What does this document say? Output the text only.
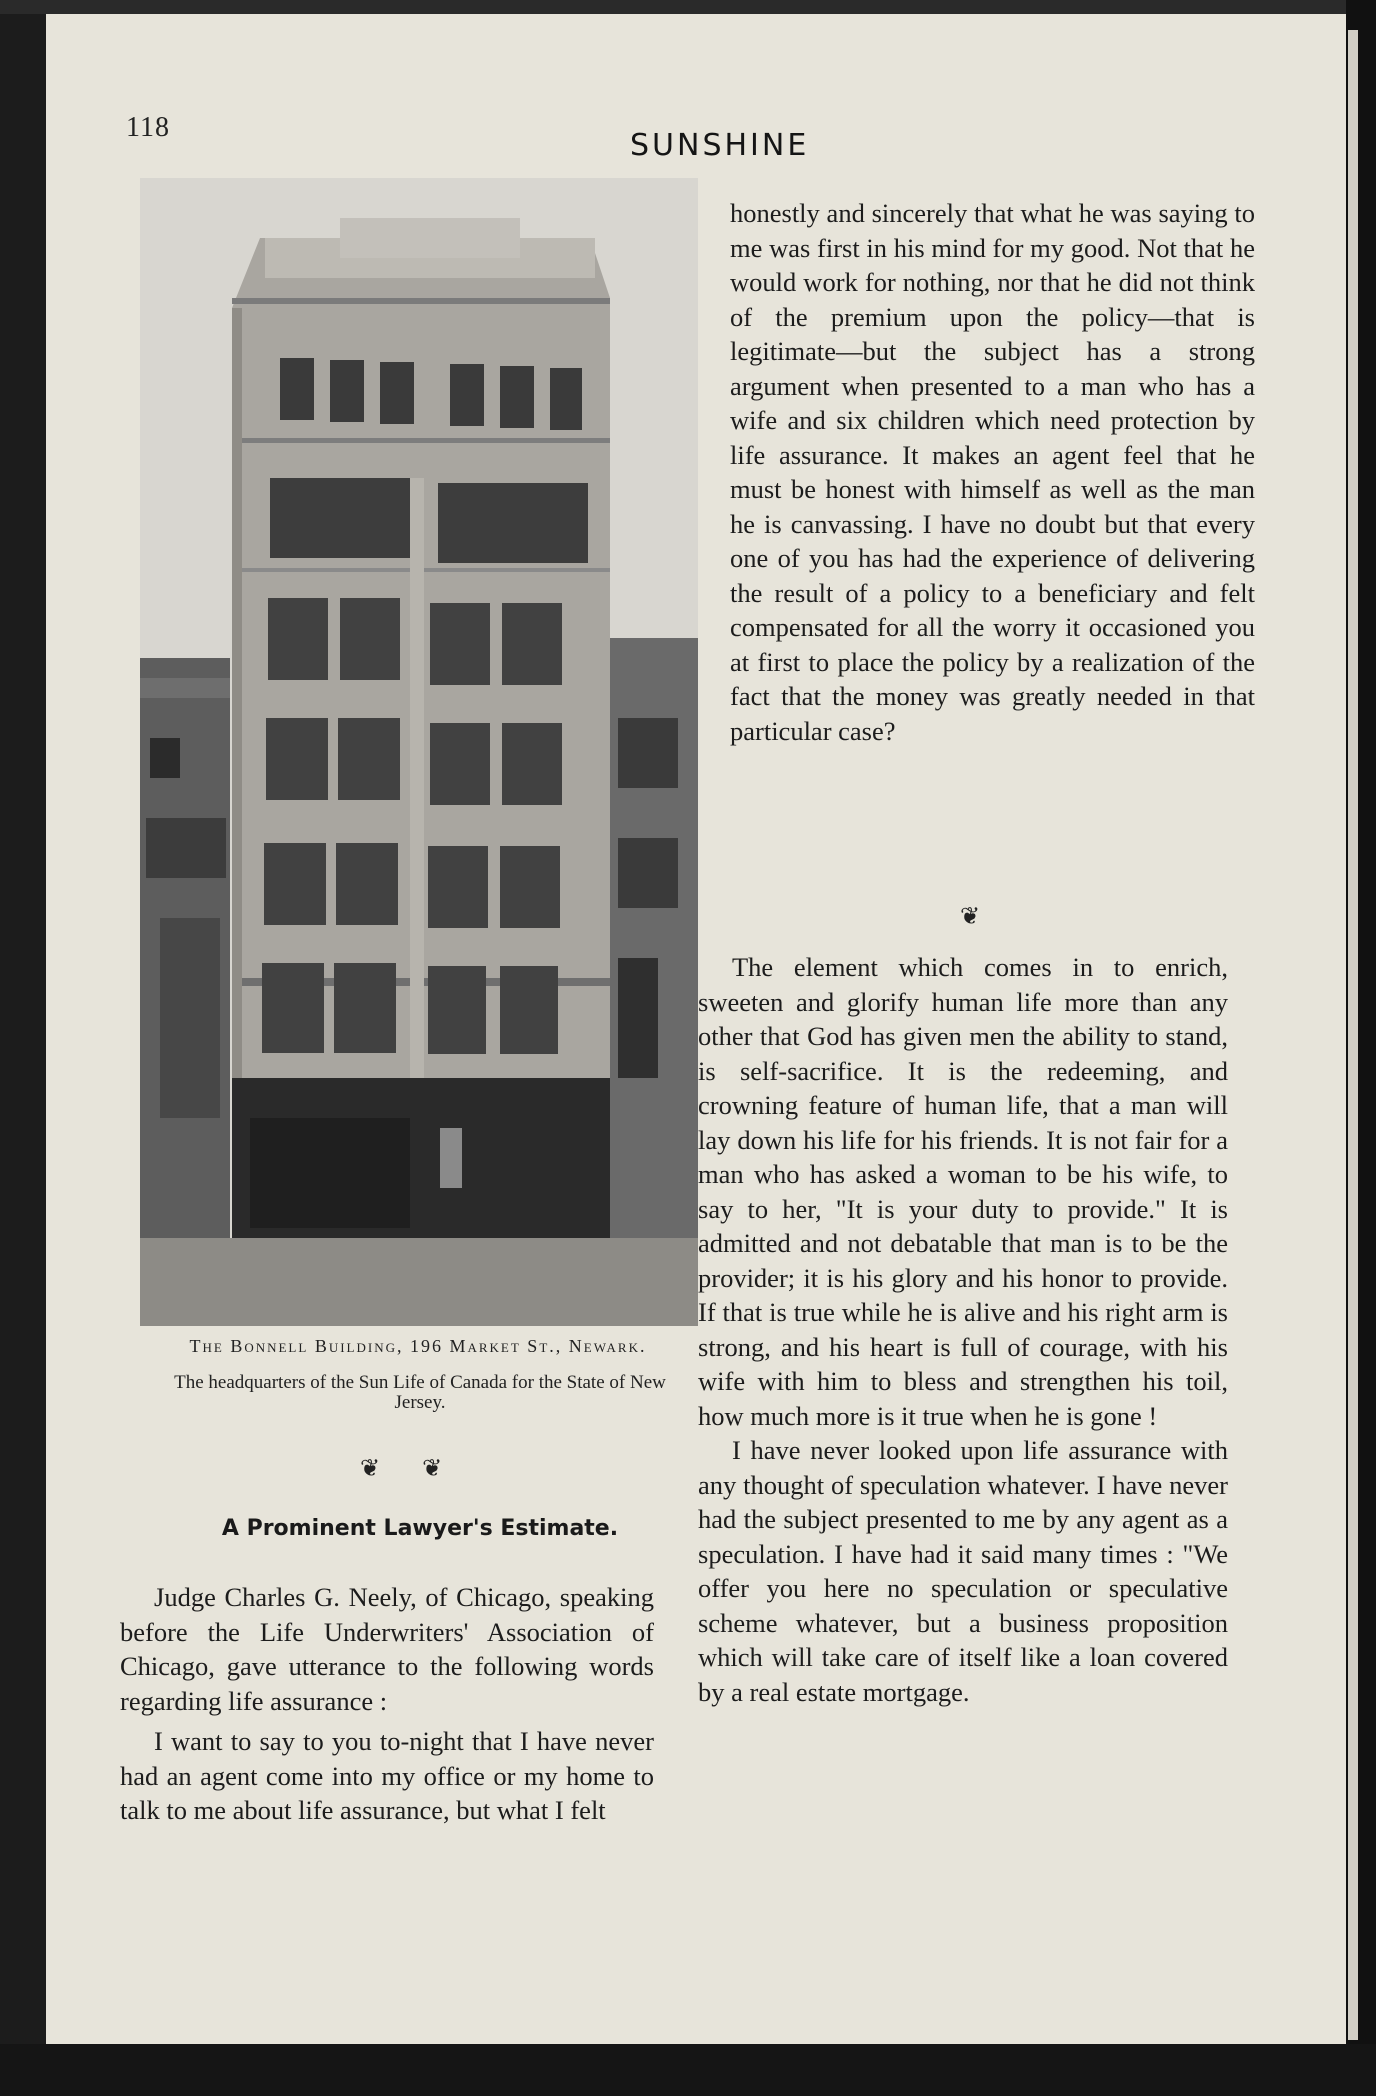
118
SUNSHINE
The Bonnell Building, 196 Market St., Newark.
The headquarters of the Sun Life of Canada for the State of New Jersey.
❦ ❦
❦
A Prominent Lawyer's Estimate.

Judge Charles G. Neely, of Chicago, speaking before the Life Underwriters' Association of Chicago, gave utterance to the following words regarding life assurance :

I want to say to you to-night that I have never had an agent come into my office or my home to talk to me about life assurance, but what I felt

honestly and sincerely that what he was saying to me was first in his mind for my good. Not that he would work for nothing, nor that he did not think of the premium upon the policy—that is legitimate—but the subject has a strong argument when presented to a man who has a wife and six children which need protection by life assurance. It makes an agent feel that he must be honest with himself as well as the man he is canvassing. I have no doubt but that every one of you has had the experience of delivering the result of a policy to a beneficiary and felt compensated for all the worry it occasioned you at first to place the policy by a realization of the fact that the money was greatly needed in that particular case?

The element which comes in to enrich, sweeten and glorify human life more than any other that God has given men the ability to stand, is self-sacrifice. It is the redeeming, and crowning feature of human life, that a man will lay down his life for his friends. It is not fair for a man who has asked a woman to be his wife, to say to her, "It is your duty to provide." It is admitted and not debatable that man is to be the provider; it is his glory and his honor to provide. If that is true while he is alive and his right arm is strong, and his heart is full of courage, with his wife with him to bless and strengthen his toil, how much more is it true when he is gone !

I have never looked upon life assurance with any thought of speculation whatever. I have never had the subject presented to me by any agent as a speculation. I have had it said many times : "We offer you here no speculation or speculative scheme whatever, but a business proposition which will take care of itself like a loan covered by a real estate mortgage.
